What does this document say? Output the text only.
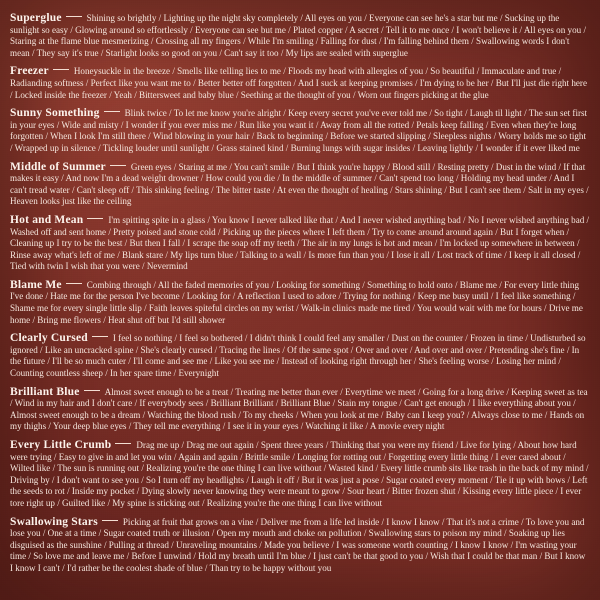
Superglue	Shining so brightly / Lighting up the night sky completely / All eyes on you / Everyone can see he's a star but me / Sucking up the sunlight so easy / Glowing around so effortlessly / Everyone can see but me / Plated copper / A secret / Tell it to me once / I won't believe it / All eyes on you / Staring at the flame blue mesmerizing / Crossing all my fingers / While I'm smiling / Falling for dust / I'm falling behind them / Swallowing words I don't mean / They say it's true / Starlight looks so good on you / Can't say it too / My lips are sealed with superglue
Freezer	Honeysuckle in the breeze / Smells like telling lies to me / Floods my head with allergies of you / So beautiful / Immaculate and true / Radianding softness / Perfect like you want me to / Better better off forgotten / And I suck at keeping promises / I'm dying to be her / But I'll just die right here / Locked inside the freezer / Yeah / Bittersweet and baby blue / Seething at the thought of you / Worn out fingers picking at the glue
Sunny Something	Blink twice / To let me know you're alright / Keep every secret you've ever told me / So tight / Laugh til light / The sun set first in your eyes / Wide and misty / I wonder if you ever miss me / Run like you want it / Away from all the rotted / Petals keep falling / Even when they're long forgotten / When I look I'm still there / Wind blowing in your hair / Back to beginning / Before we started slipping / Sleepless nights / Worry holds me so tight / Wrapped up in silence / Tickling louder until sunlight / Grass stained kind / Burning lungs with sugar insides / Leaving lightly / I wonder if it ever liked me
Middle of Summer	Green eyes / Staring at me / You can't smile / But I think you're happy / Blood still / Resting pretty / Dust in the wind / If that makes it easy / And now I'm a dead weight drowner / How could you die / In the middle of summer / Can't spend too long / Holding my head under / And I can't tread water / Can't sleep off / This sinking feeling / The bitter taste / At even the thought of healing / Stars shining / But I can't see them / Salt in my eyes / Heaven looks just like the ceiling
Hot and Mean	I'm spitting spite in a glass / You know I never talked like that / And I never wished anything bad / No I never wished anything bad / Washed off and sent home / Pretty poised and stone cold / Picking up the pieces where I left them / Try to come around around again / But I forget when / Cleaning up I try to be the best / But then I fall / I scrape the soap off my teeth / The air in my lungs is hot and mean / I'm locked up somewhere in between / Rinse away what's left of me / Blank stare / My lips turn blue / Talking to a wall / Is more fun than you / I lose it all / Lost track of time / I keep it all closed / Tied with twin I wish that you were / Nevermind
Blame Me	Combing through / All the faded memories of you / Looking for something / Something to hold onto / Blame me / For every little thing I've done / Hate me for the person I've become / Looking for / A reflection I used to adore / Trying for nothing / Keep me busy until / I feel like something / Shame me for every single little slip / Faith leaves spiteful circles on my wrist / Walk-in clinics made me tired / You would wait with me for hours / Drive me home / Bring me flowers / Heat shut off but I'd still shower
Clearly Cursed	I feel so nothing / I feel so bothered / I didn't think I could feel any smaller / Dust on the counter / Frozen in time / Undisturbed so ignored / Like an uncracked spine / She's clearly cursed / Tracing the lines / Of the same spot / Over and over / And over and over / Pretending she's fine / In the future / I'll be so much cuter / I'll come and see me / Like you see me / Instead of looking right through her / She's feeling worse / Losing her mind / Counting countless sheep / In her spare time / Everynight
Brilliant Blue	Almost sweet enough to be a treat / Treating me better than ever / Everytime we meet / Going for a long drive / Keeping sweet as tea / Wind in my hair and I don't care / If everybody sees / Brilliant Brilliant / Brilliant Blue / Stain my tongue / Can't get enough / I like everything about you / Almost sweet enough to be a dream / Watching the blood rush / To my cheeks / When you look at me / Baby can I keep you? / Always close to me / Hands on my thighs / Your deep blue eyes / They tell me everything / I see it in your eyes / Watching it like / A movie every night
Every Little Crumb	Drag me up / Drag me out again / Spent three years / Thinking that you were my friend / Live for lying / About how hard were trying / Easy to give in and let you win / Again and again / Brittle smile / Longing for rotting out / Forgetting every little thing / I ever cared about / Wilted like / The sun is running out / Realizing you're the one thing I can live without / Wasted kind / Every little crumb sits like trash in the back of my mind / Driving by / I don't want to see you / So I turn off my headlights / Laugh it off / But it was just a pose / Sugar coated every moment / Tie it up with bows / Left the seeds to rot / Inside my pocket / Dying slowly never knowing they were meant to grow / Sour heart / Bitter frozen shut / Kissing every little piece / I ever tore right up / Guilted like / My spine is sticking out / Realizing you're the one thing I can live without
Swallowing Stars	Picking at fruit that grows on a vine / Deliver me from a life led inside / I know I know / That it's not a crime / To love you and lose you / One at a time / Sugar coated truth or illusion / Open my mouth and choke on pollution / Swallowing stars to poison my mind / Soaking up lies disguised as the sunshine / Pulling at thread / Unraveling mountains / Made you believe / I was someone worth counting / I know I know / I'm wasting your time / So love me and leave me / Before I unwind / Hold my breath until I'm blue / I just can't be that good to you / Wish that I could be that man / But I know I know I can't / I'd rather be the coolest shade of blue / Than try to be happy without you
